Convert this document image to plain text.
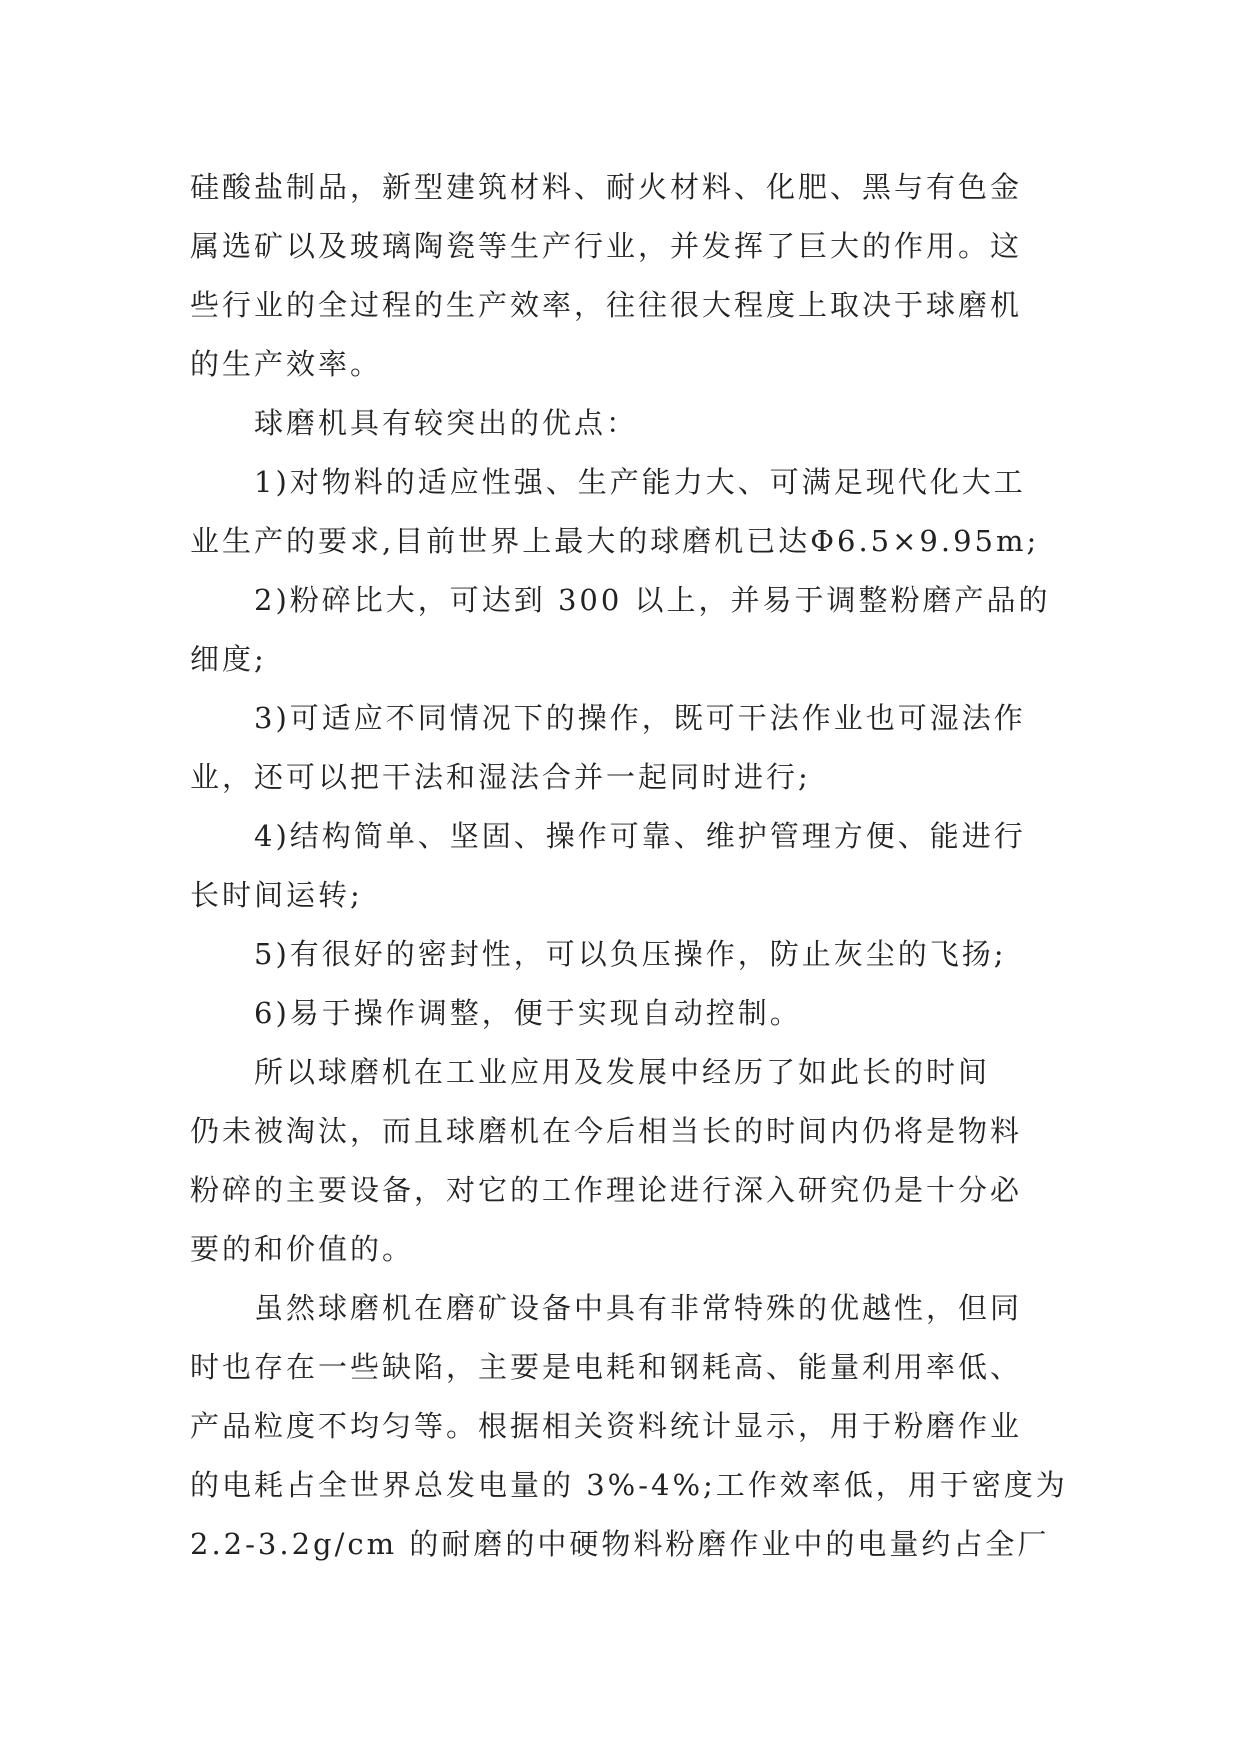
硅酸盐制品，新型建筑材料、耐火材料、化肥、黑与有色金
属选矿以及玻璃陶瓷等生产行业，并发挥了巨大的作用。这
些行业的全过程的生产效率，往往很大程度上取决于球磨机
的生产效率。
球磨机具有较突出的优点：
1)对物料的适应性强、生产能力大、可满足现代化大工
业生产的要求,目前世界上最大的球磨机已达Φ6.5×9.95m;
2)粉碎比大，可达到 300 以上，并易于调整粉磨产品的
细度;
3)可适应不同情况下的操作，既可干法作业也可湿法作
业，还可以把干法和湿法合并一起同时进行;
4)结构简单、坚固、操作可靠、维护管理方便、能进行
长时间运转;
5)有很好的密封性，可以负压操作，防止灰尘的飞扬;
6)易于操作调整，便于实现自动控制。
所以球磨机在工业应用及发展中经历了如此长的时间
仍未被淘汰，而且球磨机在今后相当长的时间内仍将是物料
粉碎的主要设备，对它的工作理论进行深入研究仍是十分必
要的和价值的。
虽然球磨机在磨矿设备中具有非常特殊的优越性，但同
时也存在一些缺陷，主要是电耗和钢耗高、能量利用率低、
产品粒度不均匀等。根据相关资料统计显示，用于粉磨作业
的电耗占全世界总发电量的 3%-4%;工作效率低，用于密度为
2.2-3.2g/cm 的耐磨的中硬物料粉磨作业中的电量约占全厂
